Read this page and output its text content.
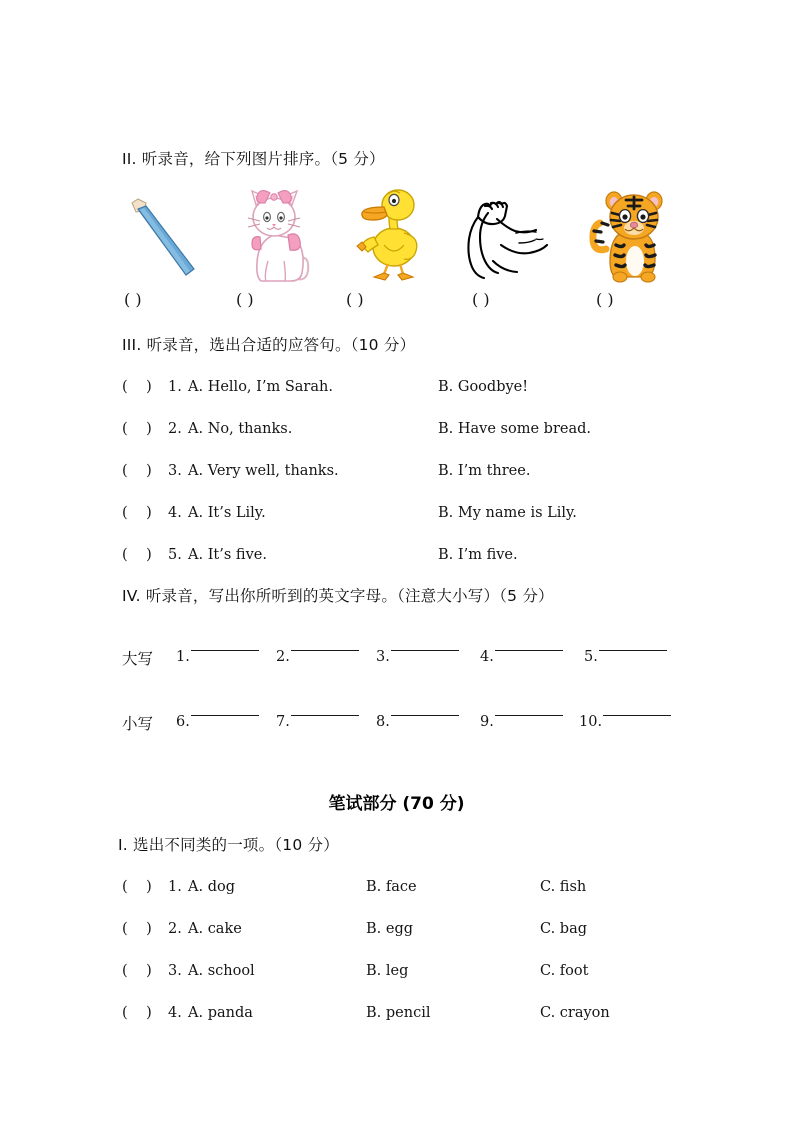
II. 听录音，给下列图片排序。（5 分）
( )	( )	( )	( )	( )
III. 听录音，选出合适的应答句。（10 分）
(    ) 1. A. Hello, I’m Sarah.	B. Goodbye!
(    ) 2. A. No, thanks.	B. Have some bread.
(    ) 3. A. Very well, thanks.	B. I’m three.
(    ) 4. A. It’s Lily.	B. My name is Lily.
(    ) 5. A. It’s five.	B. I’m five.
IV. 听录音，写出你所听到的英文字母。（注意大小写）（5 分）
大写 1.	2.	3.	4.	5.
小写 6.	7.	8.	9.	10.
笔试部分 (70 分)
I. 选出不同类的一项。（10 分）
(    ) 1. A. dog	B. face	C. fish
(    ) 2. A. cake	B. egg	C. bag
(    ) 3. A. school	B. leg	C. foot
(    ) 4. A. panda	B. pencil	C. crayon
